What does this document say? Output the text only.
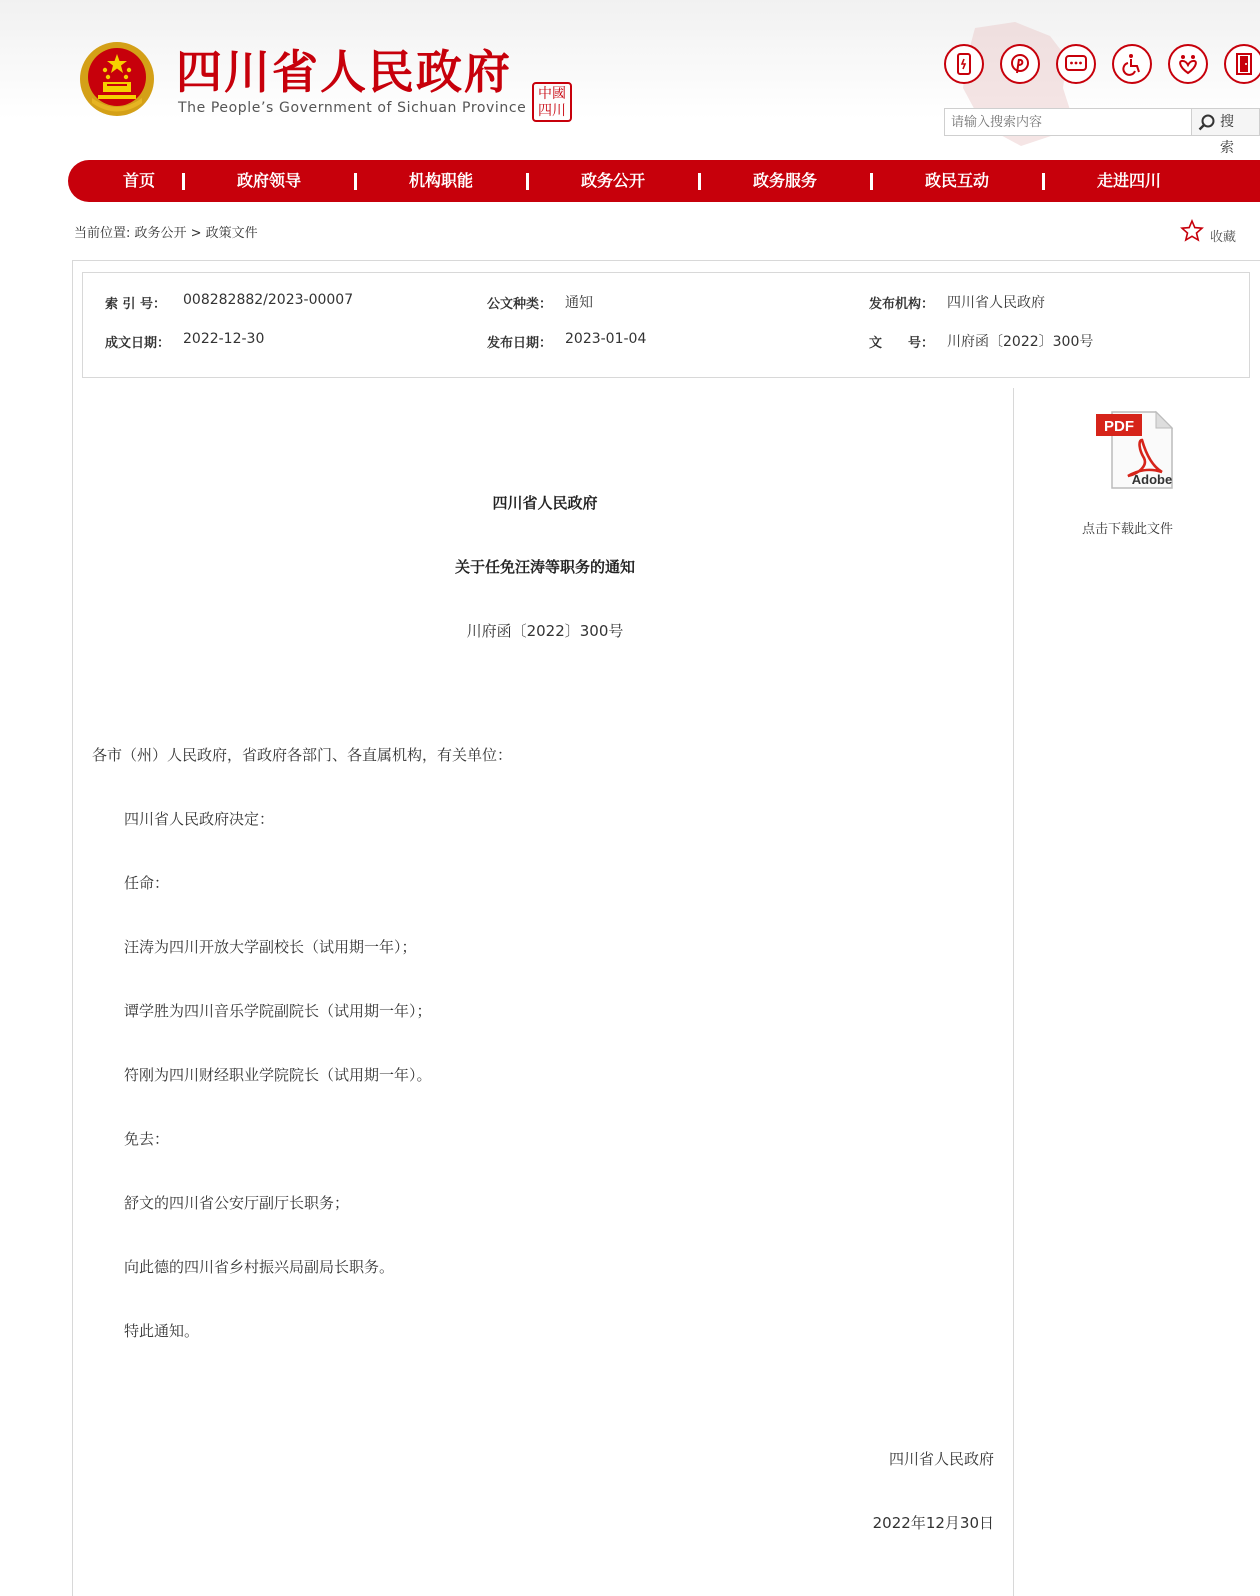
四川省人民政府
The People’s Government of Sichuan Province
中國
四川
请输入搜索内容
搜 索
首页	政府领导	机构职能	政务公开	政务服务	政民互动	走进四川
当前位置: 政务公开 > 政策文件	收藏
索 引 号： 008282882/2023-00007	公文种类： 通知	发布机构： 四川省人民政府
成文日期： 2022-12-30	发布日期： 2023-01-04	文　　号： 川府函〔2022〕300号
PDF
Adobe
点击下载此文件
四川省人民政府
关于任免汪涛等职务的通知
川府函〔2022〕300号
各市（州）人民政府，省政府各部门、各直属机构，有关单位：
四川省人民政府决定：
任命：
汪涛为四川开放大学副校长（试用期一年）；
谭学胜为四川音乐学院副院长（试用期一年）；
符刚为四川财经职业学院院长（试用期一年）。
免去：
舒文的四川省公安厅副厅长职务；
向此德的四川省乡村振兴局副局长职务。
特此通知。
四川省人民政府
2022年12月30日
